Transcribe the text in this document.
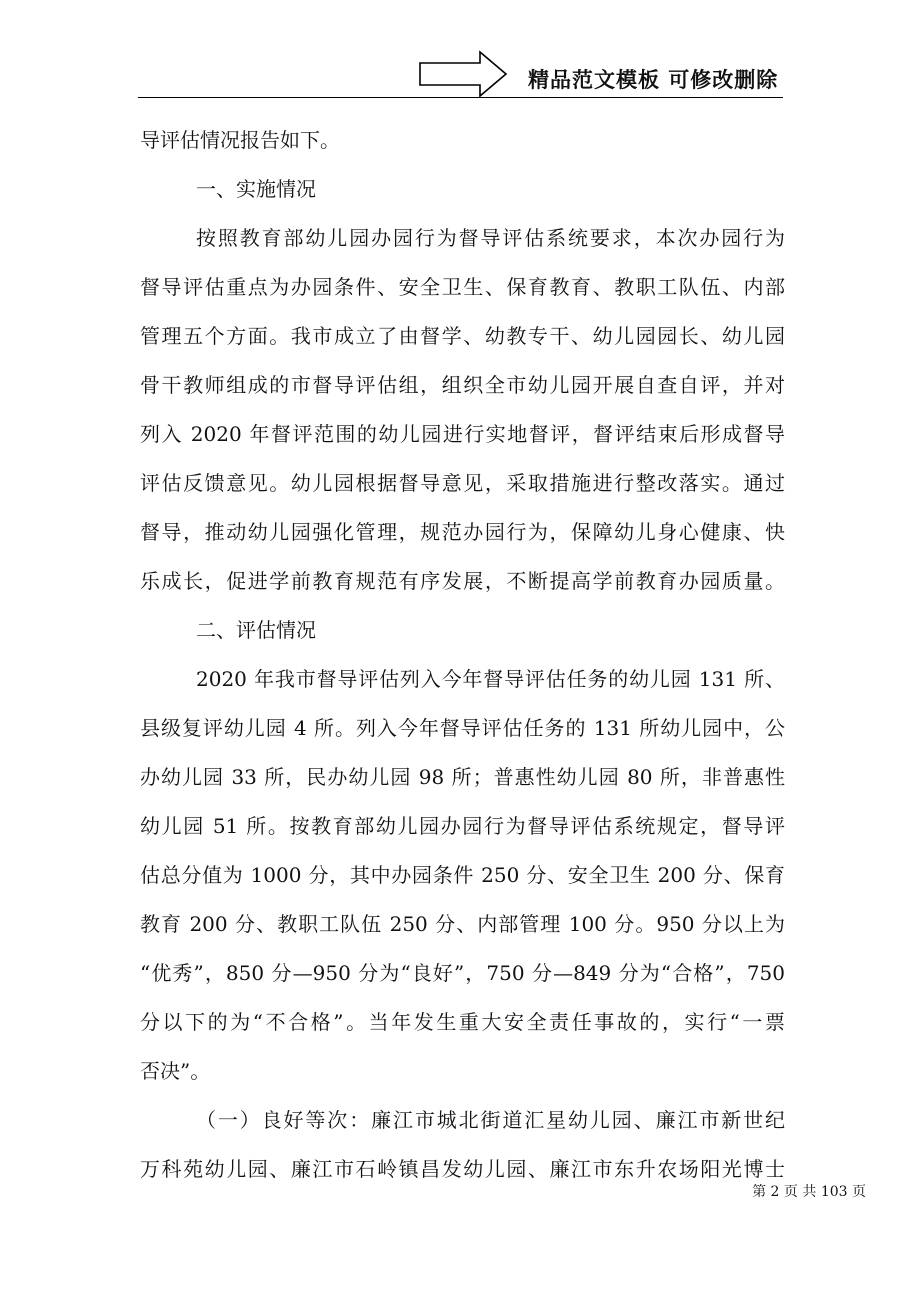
精品范文模板 可修改删除
导评估情况报告如下。
一、实施情况
按照教育部幼儿园办园行为督导评估系统要求，本次办园行为
督导评估重点为办园条件、安全卫生、保育教育、教职工队伍、内部
管理五个方面。我市成立了由督学、幼教专干、幼儿园园长、幼儿园
骨干教师组成的市督导评估组，组织全市幼儿园开展自查自评，并对
列入 2020 年督评范围的幼儿园进行实地督评，督评结束后形成督导
评估反馈意见。幼儿园根据督导意见，采取措施进行整改落实。通过
督导，推动幼儿园强化管理，规范办园行为，保障幼儿身心健康、快
乐成长，促进学前教育规范有序发展，不断提高学前教育办园质量。
二、评估情况
2020 年我市督导评估列入今年督导评估任务的幼儿园 131 所、
县级复评幼儿园 4 所。列入今年督导评估任务的 131 所幼儿园中，公
办幼儿园 33 所，民办幼儿园 98 所；普惠性幼儿园 80 所，非普惠性
幼儿园 51 所。按教育部幼儿园办园行为督导评估系统规定，督导评
估总分值为 1000 分，其中办园条件 250 分、安全卫生 200 分、保育
教育 200 分、教职工队伍 250 分、内部管理 100 分。950 分以上为
“优秀”，850 分—950 分为“良好”，750 分—849 分为“合格”，750
分以下的为“不合格”。当年发生重大安全责任事故的，实行“一票
否决”。
（一）良好等次：廉江市城北街道汇星幼儿园、廉江市新世纪
万科苑幼儿园、廉江市石岭镇昌发幼儿园、廉江市东升农场阳光博士
第 2 页 共 103 页
